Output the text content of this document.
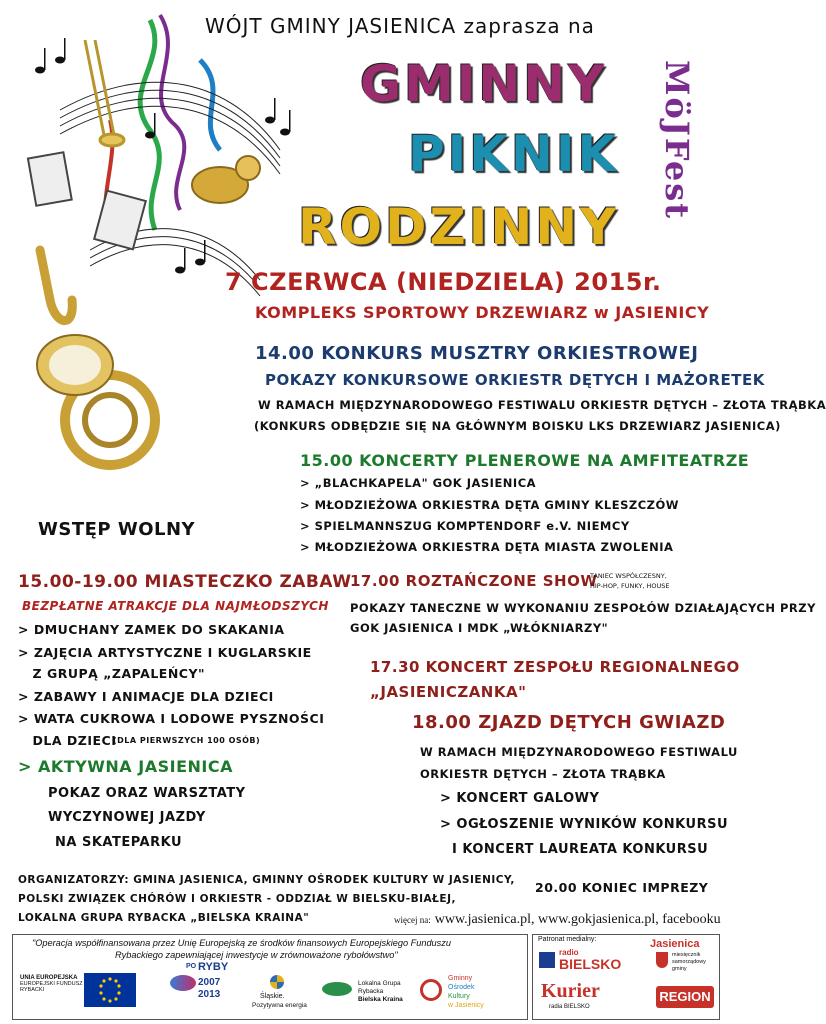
WÓJT GMINY JASIENICA zaprasza na
GMINNY
PIKNIK
RODZINNY
MöJFest
7 CZERWCA (NIEDZIELA) 2015r.
KOMPLEKS SPORTOWY DRZEWIARZ w JASIENICY
WSTĘP WOLNY
14.00 KONKURS MUSZTRY ORKIESTROWEJ
POKAZY KONKURSOWE ORKIESTR DĘTYCH I MAŻORETEK
W RAMACH MIĘDZYNARODOWEGO FESTIWALU ORKIESTR DĘTYCH – ZŁOTA TRĄBKA
(KONKURS ODBĘDZIE SIĘ NA GŁÓWNYM BOISKU LKS DRZEWIARZ JASIENICA)
15.00 KONCERTY PLENEROWE NA AMFITEATRZE
> „BLACHKAPELA" GOK JASIENICA
> MŁODZIEŻOWA ORKIESTRA DĘTA GMINY KLESZCZÓW
> SPIELMANNSZUG KOMPTENDORF e.V. NIEMCY
> MŁODZIEŻOWA ORKIESTRA DĘTA MIASTA ZWOLENIA
15.00-19.00 MIASTECZKO ZABAW
BEZPŁATNE ATRAKCJE DLA NAJMŁODSZYCH
> DMUCHANY ZAMEK DO SKAKANIA
> ZAJĘCIA ARTYSTYCZNE I KUGLARSKIE
Z GRUPĄ „ZAPALEŃCY"
> ZABAWY I ANIMACJE DLA DZIECI
> WATA CUKROWA I LODOWE PYSZNOŚCI
DLA DZIECI
(DLA PIERWSZYCH 100 OSÓB)
> AKTYWNA JASIENICA
POKAZ ORAZ WARSZTATY
WYCZYNOWEJ JAZDY
NA SKATEPARKU
17.00 ROZTAŃCZONE SHOW
TANIEC WSPÓŁCZESNY,
HIP-HOP, FUNKY, HOUSE
POKAZY TANECZNE W WYKONANIU ZESPOŁÓW DZIAŁAJĄCYCH PRZY
GOK JASIENICA I MDK „WŁÓKNIARZY"
17.30 KONCERT ZESPOŁU REGIONALNEGO
„JASIENICZANKA"
18.00 ZJAZD DĘTYCH GWIAZD
W RAMACH MIĘDZYNARODOWEGO FESTIWALU
ORKIESTR DĘTYCH – ZŁOTA TRĄBKA
> KONCERT GALOWY
> OGŁOSZENIE WYNIKÓW KONKURSU
I KONCERT LAUREATA KONKURSU
20.00 KONIEC IMPREZY
ORGANIZATORZY: GMINA JASIENICA, GMINNY OŚRODEK KULTURY W JASIENICY,
POLSKI ZWIĄZEK CHÓRÓW I ORKIESTR - ODDZIAŁ W BIELSKU-BIAŁEJ,
LOKALNA GRUPA RYBACKA „BIELSKA KRAINA"	więcej na: www.jasienica.pl, www.gokjasienica.pl, facebooku
"Operacja współfinansowana przez Unię Europejską ze środków finansowych Europejskiego Funduszu
Rybackiego zapewniającej inwestycje w zrównoważone rybołówstwo"
UNIA EUROPEJSKA
EUROPEJSKI FUNDUSZ
RYBACKI
PO RYBY
2007
2013	Śląskie.
Pozytywna energia
Lokalna Grupa
Rybacka
Bielska Kraina
Gminny
Ośrodek
Kultury
w Jasienicy
Patronat medialny:
radio
BIELSKO
Kurier
radia BIELSKO
Jasienica
miesięcznik
samorządowy
gminy
REGION
